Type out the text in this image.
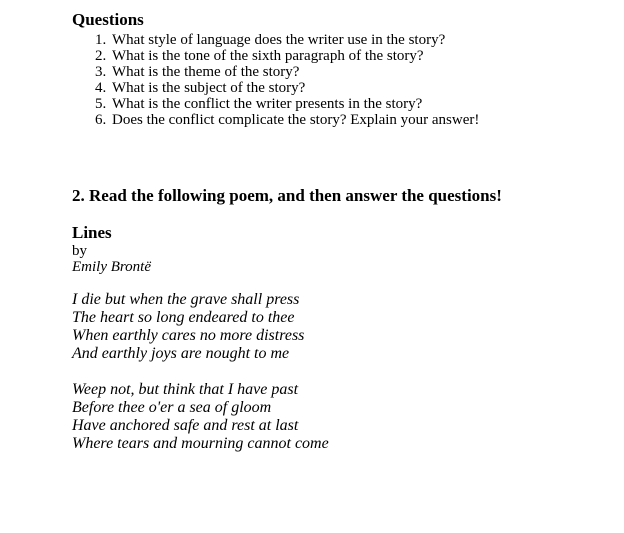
Questions
1. What style of language does the writer use in the story?
2. What is the tone of the sixth paragraph of the story?
3. What is the theme of the story?
4. What is the subject of the story?
5. What is the conflict the writer presents in the story?
6. Does the conflict complicate the story? Explain your answer!
2. Read the following poem, and then answer the questions!
Lines
by
Emily Brontë
I die but when the grave shall press
The heart so long endeared to thee
When earthly cares no more distress
And earthly joys are nought to me
Weep not, but think that I have past
Before thee o'er a sea of gloom
Have anchored safe and rest at last
Where tears and mourning cannot come
